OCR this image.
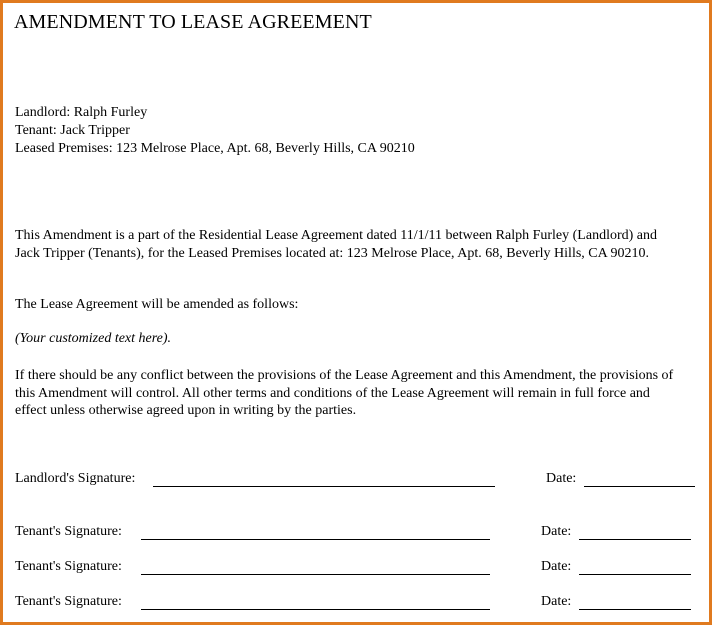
AMENDMENT TO LEASE AGREEMENT
Landlord: Ralph Furley
Tenant: Jack Tripper
Leased Premises: 123 Melrose Place, Apt. 68, Beverly Hills, CA 90210
This Amendment is a part of the Residential Lease Agreement dated 11/1/11 between Ralph Furley (Landlord) and Jack Tripper (Tenants), for the Leased Premises located at: 123 Melrose Place, Apt. 68, Beverly Hills, CA 90210.
The Lease Agreement will be amended as follows:
(Your customized text here).
If there should be any conflict between the provisions of the Lease Agreement and this Amendment, the provisions of this Amendment will control. All other terms and conditions of the Lease Agreement will remain in full force and effect unless otherwise agreed upon in writing by the parties.
Landlord's Signature:	Date:
Tenant's Signature:	Date:
Tenant's Signature:	Date:
Tenant's Signature:	Date:
